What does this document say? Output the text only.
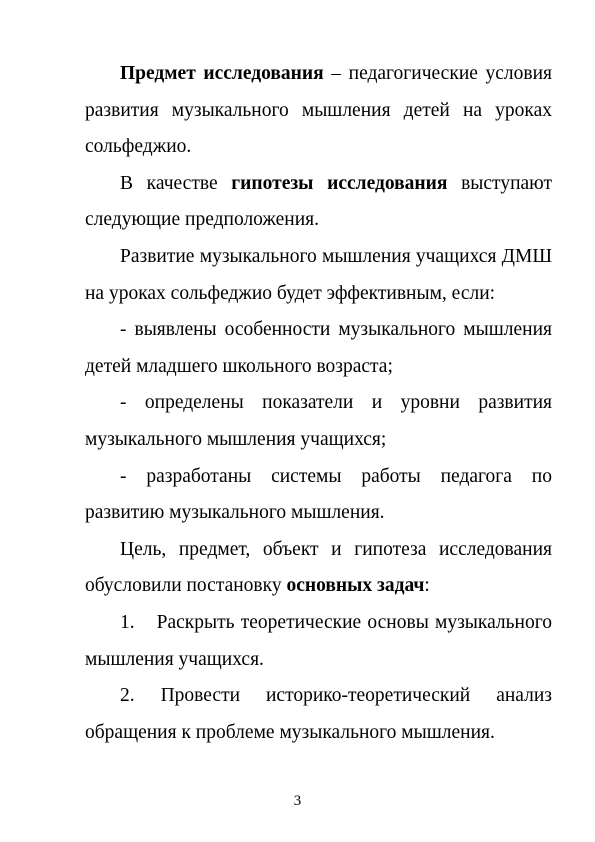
Предмет исследования – педагогические условия развития музыкального мышления детей на уроках сольфеджио.

В качестве гипотезы исследования выступают следующие предположения.

Развитие музыкального мышления учащихся ДМШ на уроках сольфеджио будет эффективным, если:

- выявлены особенности музыкального мышления детей младшего школьного возраста;

- определены показатели и уровни развития музыкального мышления учащихся;

- разработаны системы работы педагога по развитию музыкального мышления.

Цель, предмет, объект и гипотеза исследования обусловили постановку основных задач:

1. Раскрыть теоретические основы музыкального мышления учащихся.

2. Провести историко-теоретический анализ обращения к проблеме музыкального мышления.

3
